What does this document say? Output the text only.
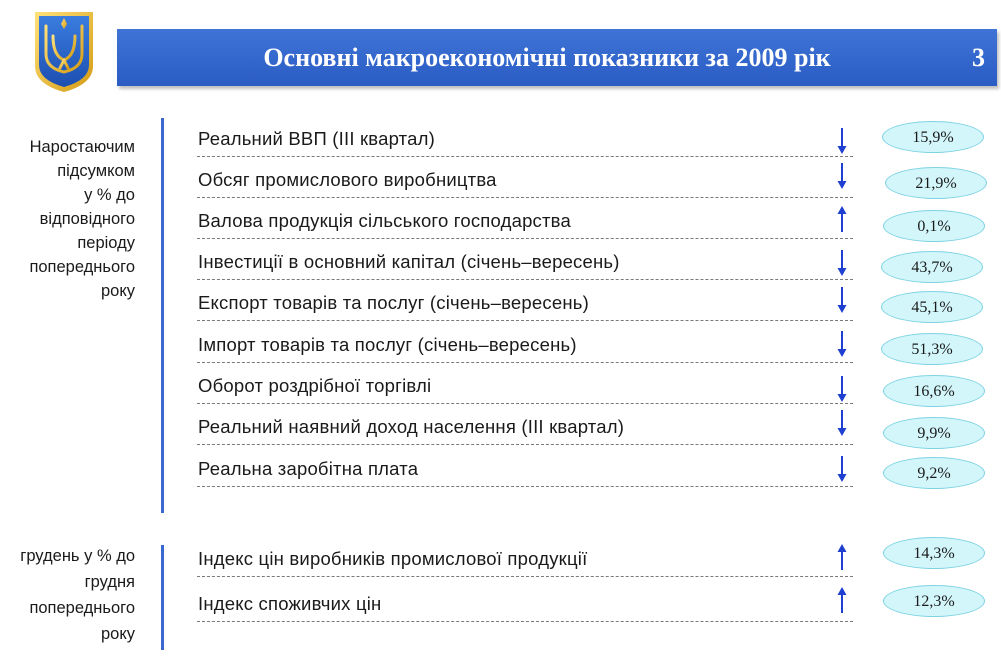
Основні макроекономічні показники за 2009 рік	3
Наростаючим
підсумком
у % до
відповідного
періоду
попереднього
року
грудень у % до
грудня
попереднього
року
Реальний ВВП (ІІІ квартал)
Обсяг промислового виробництва
Валова продукція сільського господарства
Інвестиції в основний капітал (січень–вересень)
Експорт товарів та послуг (січень–вересень)
Імпорт товарів та послуг (січень–вересень)
Оборот роздрібної торгівлі
Реальний наявний доход населення (ІІІ квартал)
Реальна заробітна плата
Індекс цін виробників промислової продукції
Індекс споживчих цін
15,9%
21,9%
0,1%
43,7%
45,1%
51,3%
16,6%
9,9%
9,2%
14,3%
12,3%
